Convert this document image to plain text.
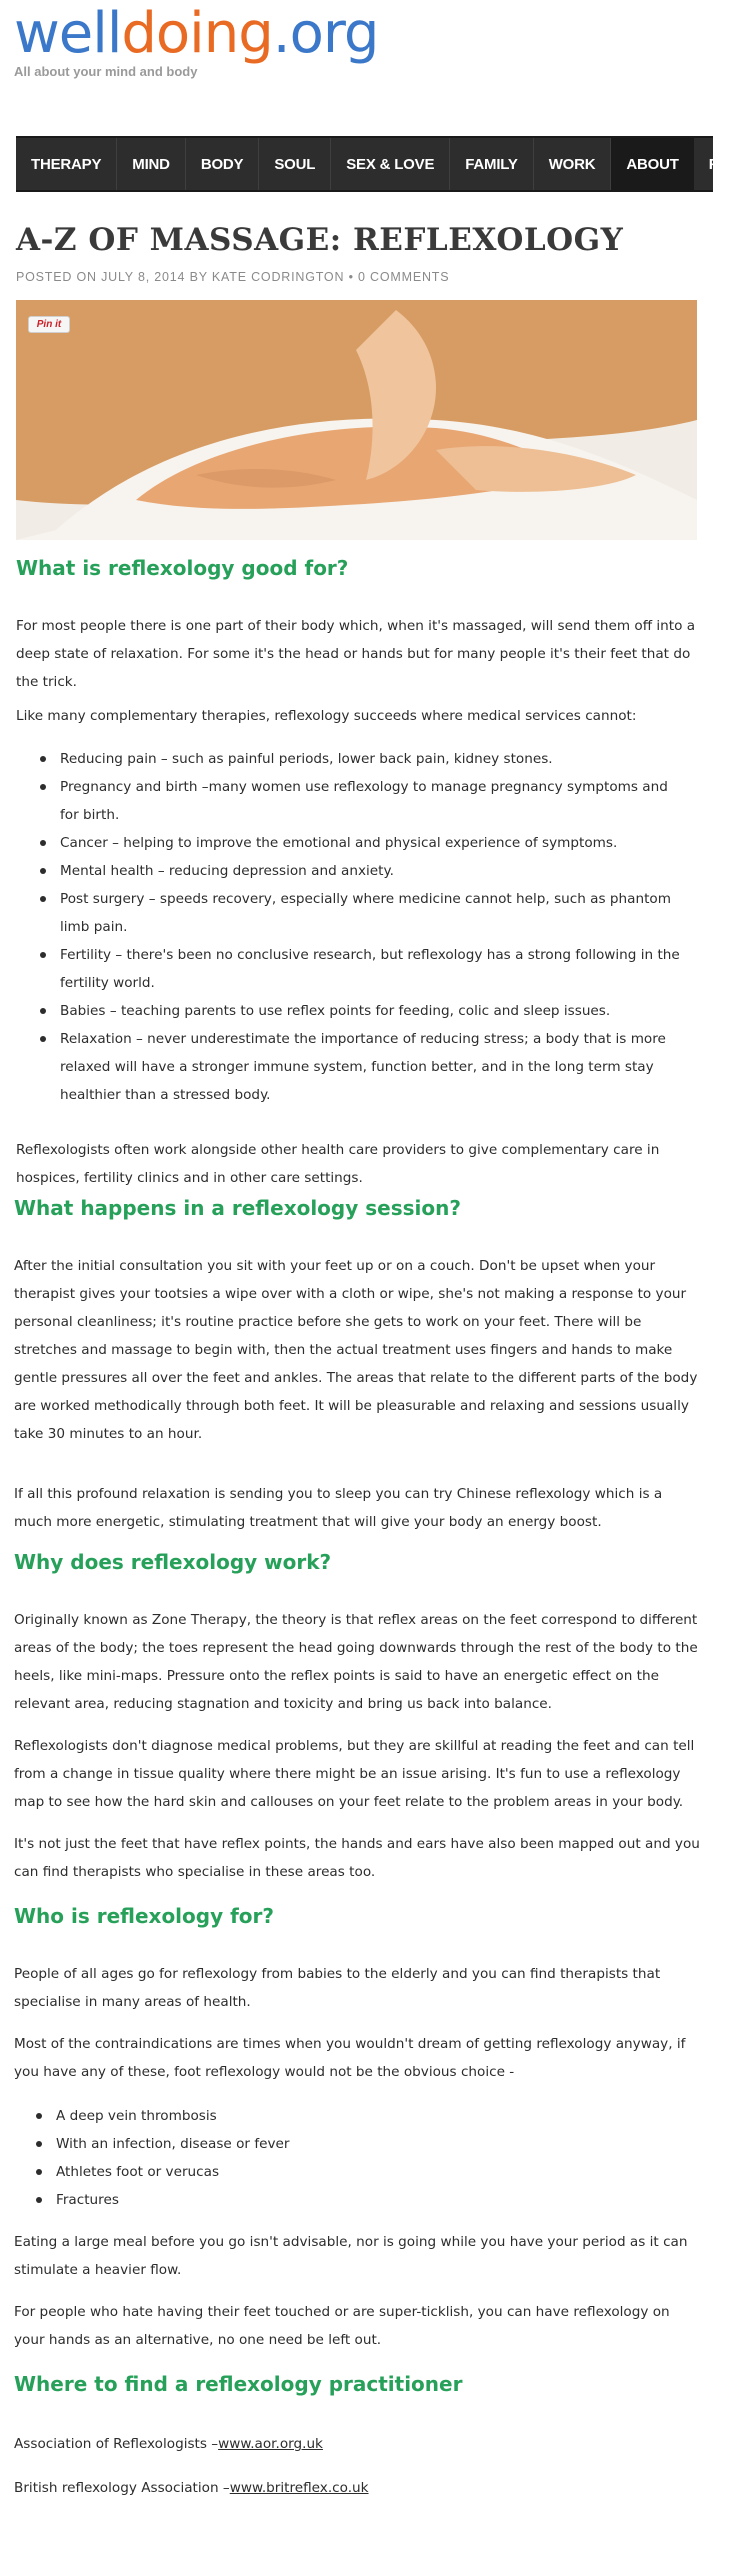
welldoing.org
All about your mind and body
THERAPY	MIND	BODY	SOUL	SEX & LOVE	FAMILY	WORK	ABOUT	FOR
A-Z OF MASSAGE: REFLEXOLOGY
POSTED ON JULY 8, 2014 BY KATE CODRINGTON • 0 COMMENTS
Pin it
What is reflexology good for?

For most people there is one part of their body which, when it's massaged, will send them off into a deep state of relaxation. For some it's the head or hands but for many people it's their feet that do the trick.

Like many complementary therapies, reflexology succeeds where medical services cannot:

Reducing pain – such as painful periods, lower back pain, kidney stones.
Pregnancy and birth –many women use reflexology to manage pregnancy symptoms and for birth.
Cancer – helping to improve the emotional and physical experience of symptoms.
Mental health – reducing depression and anxiety.
Post surgery – speeds recovery, especially where medicine cannot help, such as phantom limb pain.
Fertility – there's been no conclusive research, but reflexology has a strong following in the fertility world.
Babies – teaching parents to use reflex points for feeding, colic and sleep issues.
Relaxation – never underestimate the importance of reducing stress; a body that is more relaxed will have a stronger immune system, function better, and in the long term stay healthier than a stressed body.

Reflexologists often work alongside other health care providers to give complementary care in hospices, fertility clinics and in other care settings.

What happens in a reflexology session?

After the initial consultation you sit with your feet up or on a couch. Don't be upset when your therapist gives your tootsies a wipe over with a cloth or wipe, she's not making a response to your personal cleanliness; it's routine practice before she gets to work on your feet. There will be stretches and massage to begin with, then the actual treatment uses fingers and hands to make gentle pressures all over the feet and ankles. The areas that relate to the different parts of the body are worked methodically through both feet. It will be pleasurable and relaxing and sessions usually take 30 minutes to an hour.

If all this profound relaxation is sending you to sleep you can try Chinese reflexology which is a much more energetic, stimulating treatment that will give your body an energy boost.

Why does reflexology work?

Originally known as Zone Therapy, the theory is that reflex areas on the feet correspond to different areas of the body; the toes represent the head going downwards through the rest of the body to the heels, like mini-maps. Pressure onto the reflex points is said to have an energetic effect on the relevant area, reducing stagnation and toxicity and bring us back into balance.

Reflexologists don't diagnose medical problems, but they are skillful at reading the feet and can tell from a change in tissue quality where there might be an issue arising. It's fun to use a reflexology map to see how the hard skin and callouses on your feet relate to the problem areas in your body.

It's not just the feet that have reflex points, the hands and ears have also been mapped out and you can find therapists who specialise in these areas too.

Who is reflexology for?

People of all ages go for reflexology from babies to the elderly and you can find therapists that specialise in many areas of health.

Most of the contraindications are times when you wouldn't dream of getting reflexology anyway, if you have any of these, foot reflexology would not be the obvious choice -

A deep vein thrombosis
With an infection, disease or fever
Athletes foot or verucas
Fractures

Eating a large meal before you go isn't advisable, nor is going while you have your period as it can stimulate a heavier flow.

For people who hate having their feet touched or are super-ticklish, you can have reflexology on your hands as an alternative, no one need be left out.

Where to find a reflexology practitioner

Association of Reflexologists –www.aor.org.uk

British reflexology Association –www.britreflex.co.uk
